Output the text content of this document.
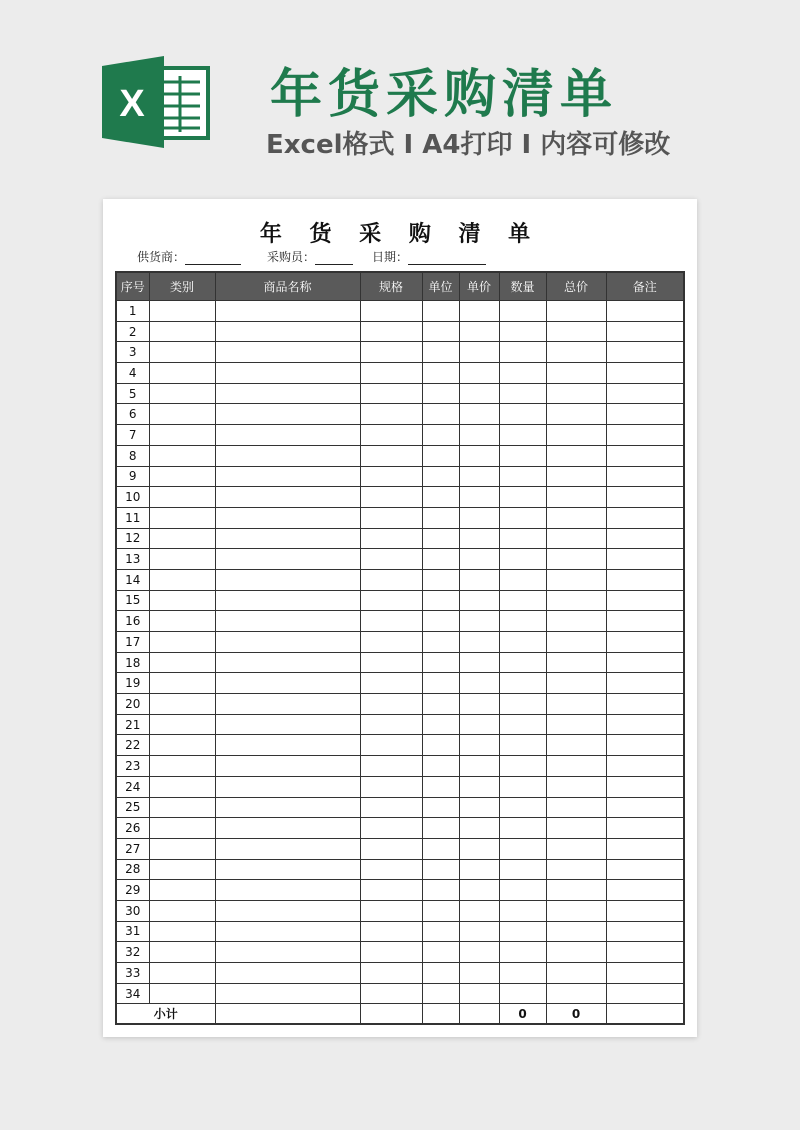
X 年货采购清单
Excel格式 I A4打印 I 内容可修改
年 货 采 购 清 单
供货商：	采购员：	日期：
序号	类别	商品名称	规格	单位	单价	数量	总价	备注
1								
2								
3								
4								
5								
6								
7								
8								
9								
10								
11								
12								
13								
14								
15								
16								
17								
18								
19								
20								
21								
22								
23								
24								
25								
26								
27								
28								
29								
30								
31								
32								
33								
34								
小计						0	0	
